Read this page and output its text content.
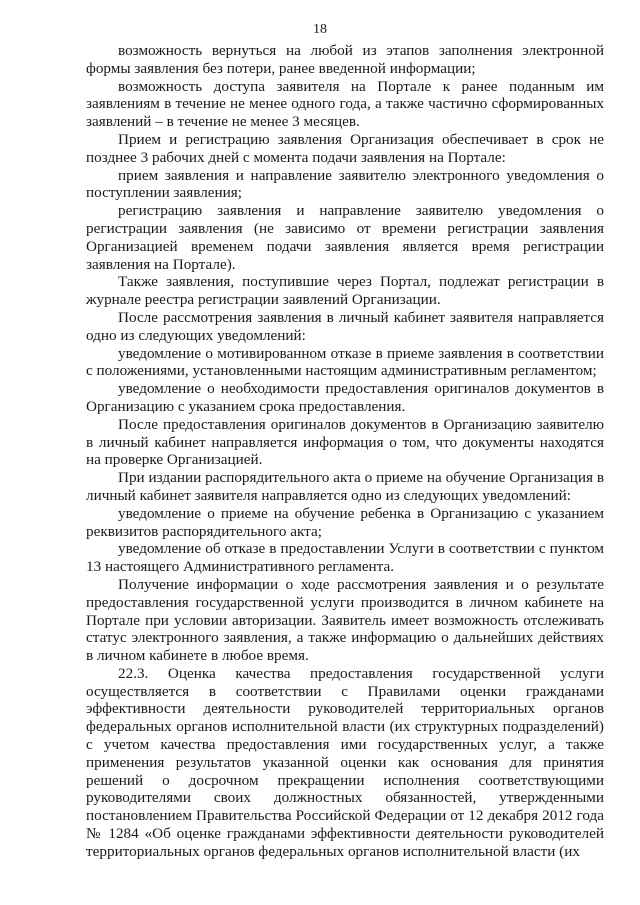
18

возможность вернуться на любой из этапов заполнения электронной формы заявления без потери, ранее введенной информации;

возможность доступа заявителя на Портале к ранее поданным им заявлениям в течение не менее одного года, а также частично сформированных заявлений – в течение не менее 3 месяцев.

Прием и регистрацию заявления Организация обеспечивает в срок не позднее 3 рабочих дней с момента подачи заявления на Портале:

прием заявления и направление заявителю электронного уведомления о поступлении заявления;

регистрацию заявления и направление заявителю уведомления о регистрации заявления (не зависимо от времени регистрации заявления Организацией временем подачи заявления является время регистрации заявления на Портале).

Также заявления, поступившие через Портал, подлежат регистрации в журнале реестра регистрации заявлений Организации.

После рассмотрения заявления в личный кабинет заявителя направляется одно из следующих уведомлений:

уведомление о мотивированном отказе в приеме заявления в соответствии с положениями, установленными настоящим административным регламентом;

уведомление о необходимости предоставления оригиналов документов в Организацию с указанием срока предоставления.

После предоставления оригиналов документов в Организацию заявителю в личный кабинет направляется информация о том, что документы находятся на проверке Организацией.

При издании распорядительного акта о приеме на обучение Организация в личный кабинет заявителя направляется одно из следующих уведомлений:

уведомление о приеме на обучение ребенка в Организацию с указанием реквизитов распорядительного акта;

уведомление об отказе в предоставлении Услуги в соответствии с пунктом 13 настоящего Административного регламента.

Получение информации о ходе рассмотрения заявления и о результате предоставления государственной услуги производится в личном кабинете на Портале при условии авторизации. Заявитель имеет возможность отслеживать статус электронного заявления, а также информацию о дальнейших действиях в личном кабинете в любое время.

22.3. Оценка качества предоставления государственной услуги осуществляется в соответствии с Правилами оценки гражданами эффективности деятельности руководителей территориальных органов федеральных органов исполнительной власти (их структурных подразделений) с учетом качества предоставления ими государственных услуг, а также применения результатов указанной оценки как основания для принятия решений о досрочном прекращении исполнения соответствующими руководителями своих должностных обязанностей, утвержденными постановлением Правительства Российской Федерации от 12 декабря 2012 года № 1284 «Об оценке гражданами эффективности деятельности руководителей территориальных органов федеральных органов исполнительной власти (их
